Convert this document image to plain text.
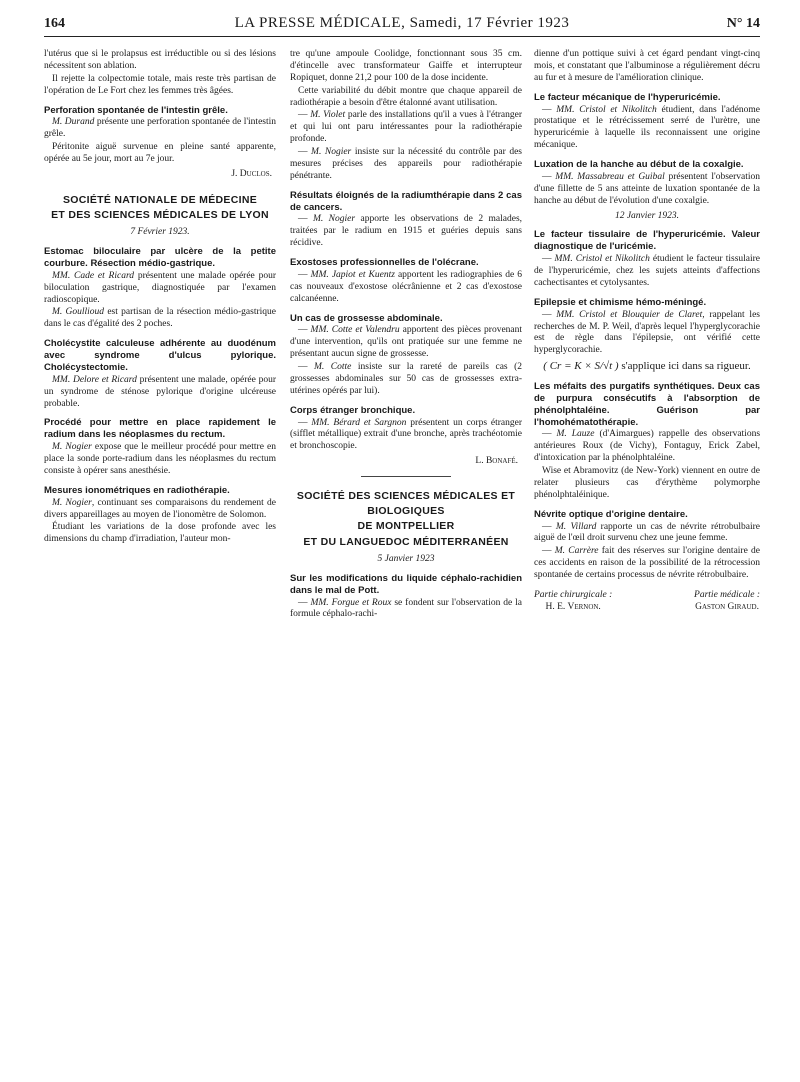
164	LA PRESSE MÉDICALE, Samedi, 17 Février 1923	N° 14

l'utérus que si le prolapsus est irréductible ou si des lésions nécessitent son ablation.

Il rejette la colpectomie totale, mais reste très partisan de l'opération de Le Fort chez les femmes très âgées.

Perforation spontanée de l'intestin grêle.

M. Durand présente une perforation spontanée de l'intestin grêle.

Péritonite aiguë survenue en pleine santé apparente, opérée au 5e jour, mort au 7e jour.

J. Duclos.
SOCIÉTÉ NATIONALE DE MÉDECINE
ET DES SCIENCES MÉDICALES DE LYON
7 Février 1923.
Estomac biloculaire par ulcère de la petite courbure. Résection médio-gastrique.

MM. Cade et Ricard présentent une malade opérée pour biloculation gastrique, diagnostiquée par l'examen radioscopique.

M. Goullioud est partisan de la résection médio-gastrique dans le cas d'égalité des 2 poches.

Cholécystite calculeuse adhérente au duodénum avec syndrome d'ulcus pylorique. Cholécystectomie.

MM. Delore et Ricard présentent une malade, opérée pour un syndrome de sténose pylorique d'origine ulcéreuse probable.

Procédé pour mettre en place rapidement le radium dans les néoplasmes du rectum.

M. Nogier expose que le meilleur procédé pour mettre en place la sonde porte-radium dans les néoplasmes du rectum consiste à opérer sans anesthésie.

Mesures ionométriques en radiothérapie.

M. Nogier, continuant ses comparaisons du rendement de divers appareillages au moyen de l'ionomètre de Solomon.

Étudiant les variations de la dose profonde avec les dimensions du champ d'irradiation, l'auteur mon-

tre qu'une ampoule Coolidge, fonctionnant sous 35 cm. d'étincelle avec transformateur Gaiffe et interrupteur Ropiquet, donne 21,2 pour 100 de la dose incidente.

Cette variabilité du débit montre que chaque appareil de radiothérapie a besoin d'être étalonné avant utilisation.

— M. Violet parle des installations qu'il a vues à l'étranger et qui lui ont paru intéressantes pour la radiothérapie profonde.

— M. Nogier insiste sur la nécessité du contrôle par des mesures précises des appareils pour radiothérapie pénétrante.

Résultats éloignés de la radiumthérapie dans 2 cas de cancers.

— M. Nogier apporte les observations de 2 malades, traitées par le radium en 1915 et guéries depuis sans récidive.

Exostoses professionnelles de l'olécrane.

— MM. Japiot et Kuentz apportent les radiographies de 6 cas nouveaux d'exostose olécrânienne et 2 cas d'exostose calcanéenne.

Un cas de grossesse abdominale.

— MM. Cotte et Valendru apportent des pièces provenant d'une intervention, qu'ils ont pratiquée sur une femme ne présentant aucun signe de grossesse.

— M. Cotte insiste sur la rareté de pareils cas (2 grossesses abdominales sur 50 cas de grossesses extra-utérines opérés par lui).

Corps étranger bronchique.

— MM. Bérard et Sargnon présentent un corps étranger (sifflet métallique) extrait d'une bronche, après trachéotomie et bronchoscopie.

L. Bonafé.
SOCIÉTÉ DES SCIENCES MÉDICALES ET BIOLOGIQUES
DE MONTPELLIER
ET DU LANGUEDOC MÉDITERRANÉEN
5 Janvier 1923
Sur les modifications du liquide céphalo-rachidien dans le mal de Pott.

— MM. Forgue et Roux se fondent sur l'observation de la formule céphalo-rachi-

dienne d'un pottique suivi à cet égard pendant vingt-cinq mois, et constatant que l'albuminose a régulièrement décru au fur et à mesure de l'amélioration clinique.

Le facteur mécanique de l'hyperuricémie.

— MM. Cristol et Nikolitch étudient, dans l'adénome prostatique et le rétrécissement serré de l'urètre, une hyperuricémie à laquelle ils reconnaissent une origine mécanique.

Luxation de la hanche au début de la coxalgie.

— MM. Massabreau et Guibal présentent l'observation d'une fillette de 5 ans atteinte de luxation spontanée de la hanche au début de l'évolution d'une coxalgie.

12 Janvier 1923.
Le facteur tissulaire de l'hyperuricémie. Valeur diagnostique de l'uricémie.

— MM. Cristol et Nikolitch étudient le facteur tissulaire de l'hyperuricémie, chez les sujets atteints d'affections cachectisantes et cytolysantes.

Epilepsie et chimisme hémo-méningé.

— MM. Cristol et Blouquier de Claret, rappelant les recherches de M. P. Weil, d'après lequel l'hyperglycorachie est de règle dans l'épilepsie, ont vérifié cette hyperglycorachie.

( Cr = K × S/√t ) s'applique ici dans sa rigueur.
Les méfaits des purgatifs synthétiques. Deux cas de purpura consécutifs à l'absorption de phénolphtaléine. Guérison par l'homohématothérapie.

— M. Lauze (d'Aimargues) rappelle des observations antérieures Roux (de Vichy), Fontaguy, Erick Zabel, d'intoxication par la phénolphtaléine.

Wise et Abramovitz (de New-York) viennent en outre de relater plusieurs cas d'érythème polymorphe phénolphtaléinique.

Névrite optique d'origine dentaire.

— M. Villard rapporte un cas de névrite rétrobulbaire aiguë de l'œil droit survenu chez une jeune femme.

— M. Carrère fait des réserves sur l'origine dentaire de ces accidents en raison de la possibilité de la rétrocession spontanée de certains processus de névrite rétrobulbaire.

Partie chirurgicale :
H. E. Vernon.
Partie médicale :
Gaston Giraud.
